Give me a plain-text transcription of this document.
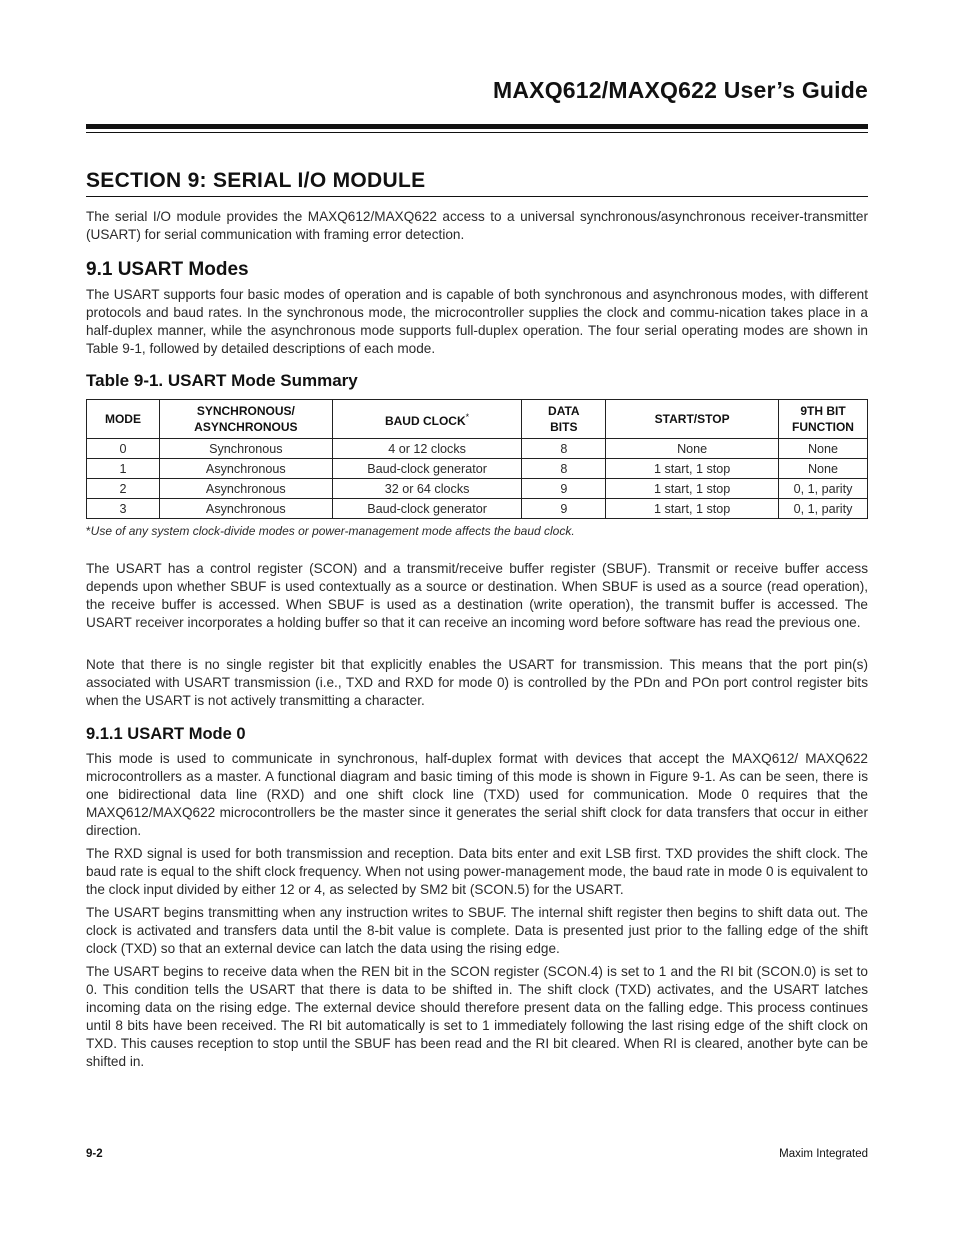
MAXQ612/MAXQ622 User’s Guide
SECTION 9: SERIAL I/O MODULE

The serial I/O module provides the MAXQ612/MAXQ622 access to a universal synchronous/asynchronous receiver-transmitter (USART) for serial communication with framing error detection.

9.1 USART Modes

The USART supports four basic modes of operation and is capable of both synchronous and asynchronous modes, with different protocols and baud rates. In the synchronous mode, the microcontroller supplies the clock and commu-nication takes place in a half-duplex manner, while the asynchronous mode supports full-duplex operation. The four serial operating modes are shown in Table 9-1, followed by detailed descriptions of each mode.

Table 9-1. USART Mode Summary
MODE	SYNCHRONOUS/ ASYNCHRONOUS	BAUD CLOCK*	DATA BITS	START/STOP	9TH BIT FUNCTION
0	Synchronous	4 or 12 clocks	8	None	None
1	Asynchronous	Baud-clock generator	8	1 start, 1 stop	None
2	Asynchronous	32 or 64 clocks	9	1 start, 1 stop	0, 1, parity
3	Asynchronous	Baud-clock generator	9	1 start, 1 stop	0, 1, parity
*Use of any system clock-divide modes or power-management mode affects the baud clock.

The USART has a control register (SCON) and a transmit/receive buffer register (SBUF). Transmit or receive buffer access depends upon whether SBUF is used contextually as a source or destination. When SBUF is used as a source (read operation), the receive buffer is accessed. When SBUF is used as a destination (write operation), the transmit buffer is accessed. The USART receiver incorporates a holding buffer so that it can receive an incoming word before software has read the previous one.

Note that there is no single register bit that explicitly enables the USART for transmission. This means that the port pin(s) associated with USART transmission (i.e., TXD and RXD for mode 0) is controlled by the PDn and POn port control register bits when the USART is not actively transmitting a character.

9.1.1 USART Mode 0

This mode is used to communicate in synchronous, half-duplex format with devices that accept the MAXQ612/ MAXQ622 microcontrollers as a master. A functional diagram and basic timing of this mode is shown in Figure 9-1. As can be seen, there is one bidirectional data line (RXD) and one shift clock line (TXD) used for communication. Mode 0 requires that the MAXQ612/MAXQ622 microcontrollers be the master since it generates the serial shift clock for data transfers that occur in either direction.

The RXD signal is used for both transmission and reception. Data bits enter and exit LSB first. TXD provides the shift clock. The baud rate is equal to the shift clock frequency. When not using power-management mode, the baud rate in mode 0 is equivalent to the clock input divided by either 12 or 4, as selected by SM2 bit (SCON.5) for the USART.

The USART begins transmitting when any instruction writes to SBUF. The internal shift register then begins to shift data out. The clock is activated and transfers data until the 8-bit value is complete. Data is presented just prior to the falling edge of the shift clock (TXD) so that an external device can latch the data using the rising edge.

The USART begins to receive data when the REN bit in the SCON register (SCON.4) is set to 1 and the RI bit (SCON.0) is set to 0. This condition tells the USART that there is data to be shifted in. The shift clock (TXD) activates, and the USART latches incoming data on the rising edge. The external device should therefore present data on the falling edge. This process continues until 8 bits have been received. The RI bit automatically is set to 1 immediately following the last rising edge of the shift clock on TXD. This causes reception to stop until the SBUF has been read and the RI bit cleared. When RI is cleared, another byte can be shifted in.

9-2	Maxim Integrated
